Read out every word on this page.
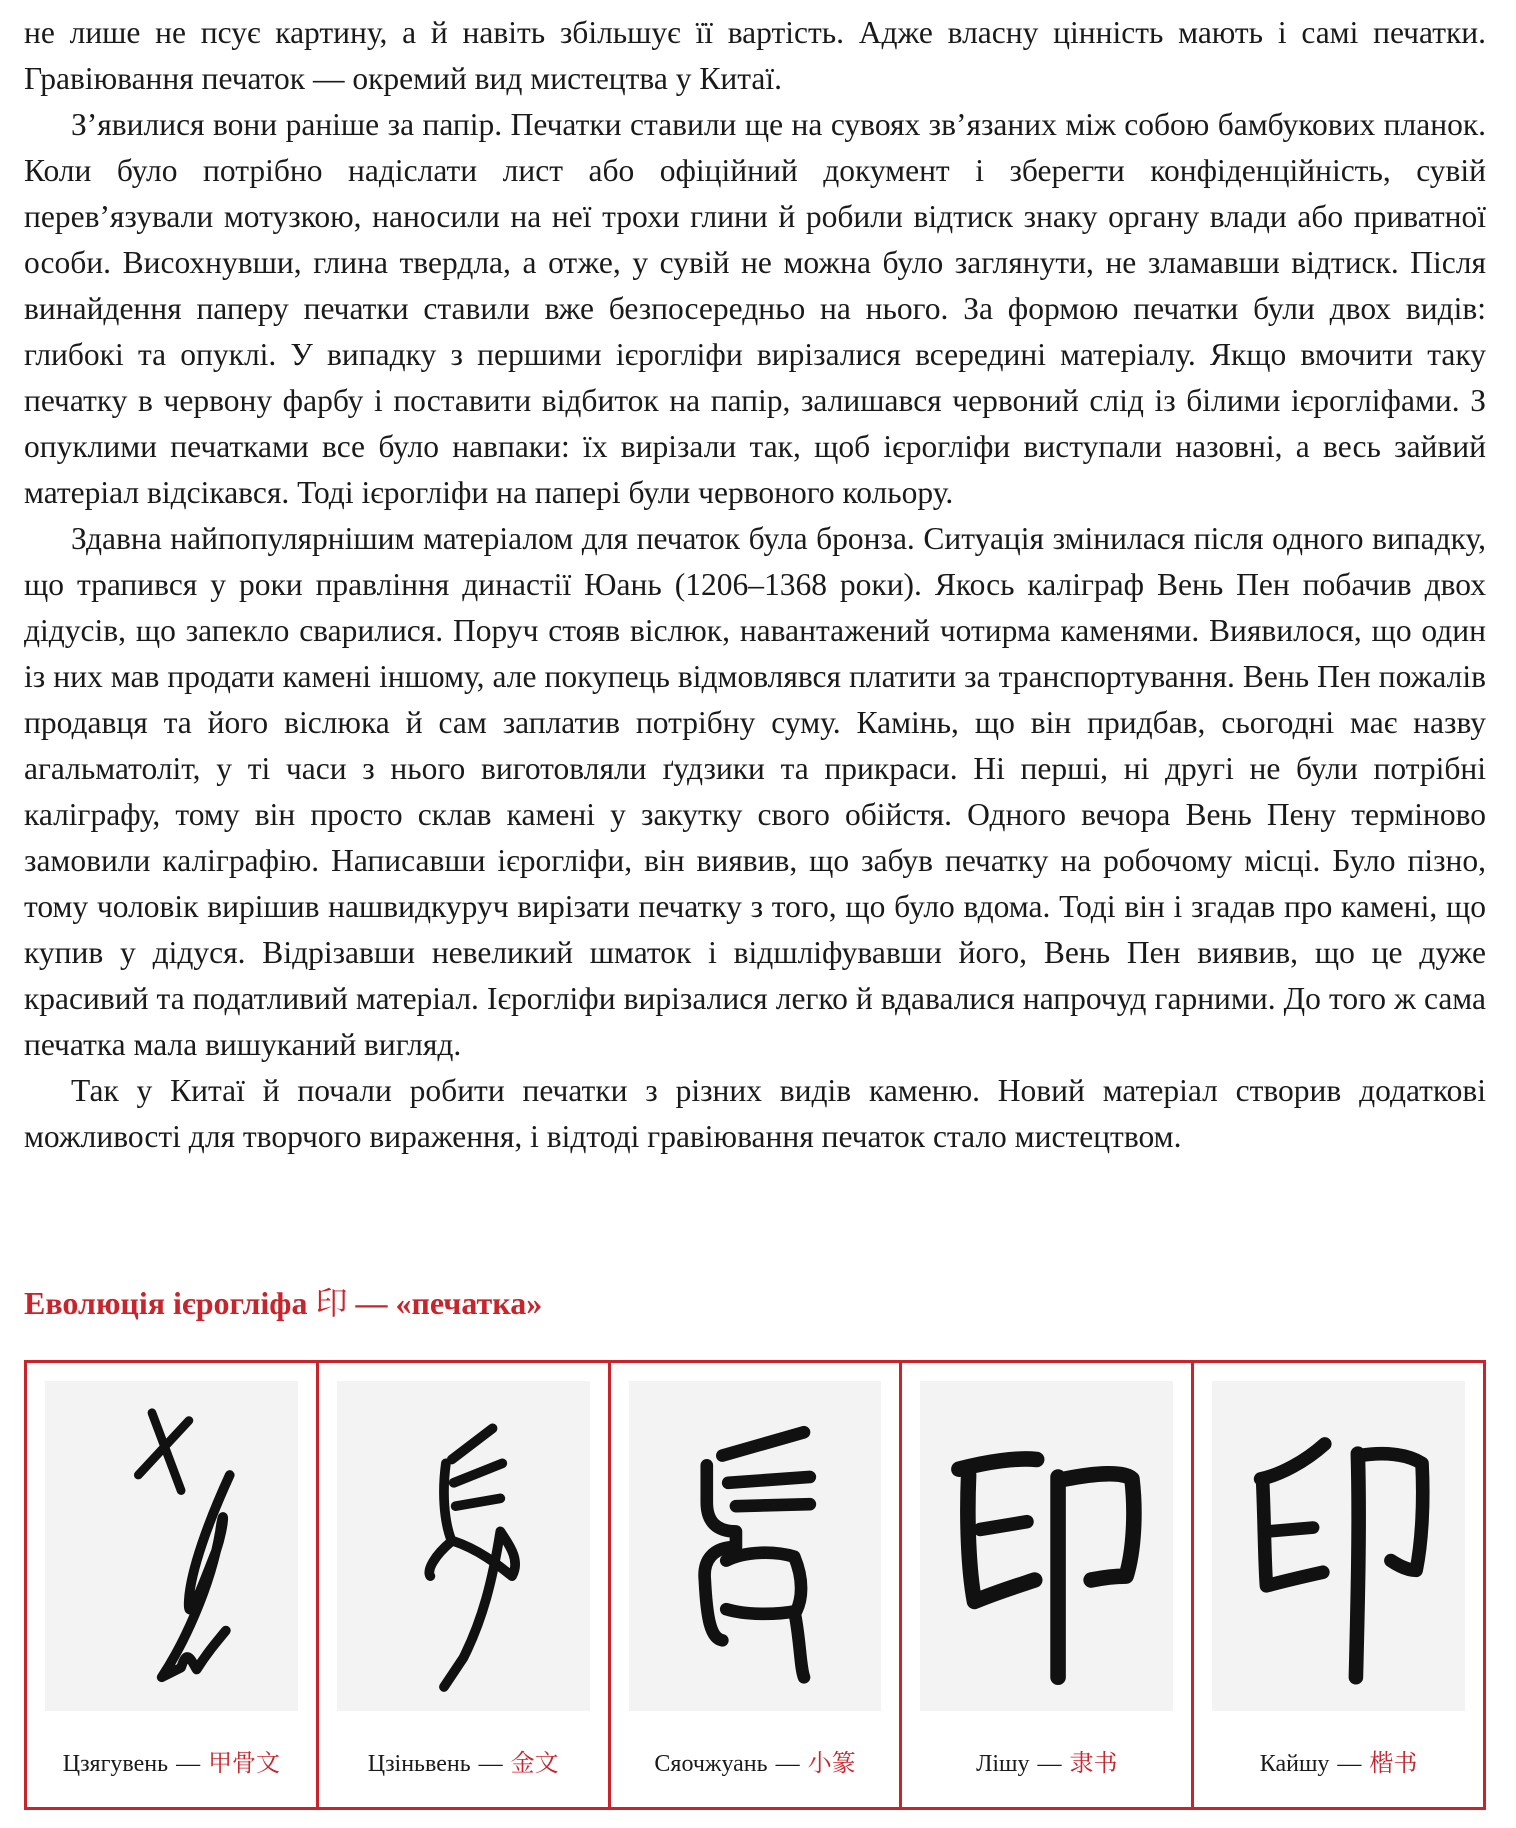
не лише не псує картину, а й навіть збільшує її вартість. Адже власну цінність мають і самі печатки. Гравіювання печаток — окремий вид мистецтва у Китаї.

З’явилися вони раніше за папір. Печатки ставили ще на сувоях зв’язаних між собою бамбукових планок. Коли було потрібно надіслати лист або офіційний документ і зберегти конфіденційність, сувій перев’язували мотузкою, наносили на неї трохи глини й робили відтиск знаку органу влади або приватної особи. Висохнувши, глина твердла, а отже, у сувій не можна було заглянути, не зламавши відтиск. Після винайдення паперу печатки ставили вже безпосередньо на нього. За формою печатки були двох видів: глибокі та опуклі. У випадку з першими ієрогліфи вирізалися всередині матеріалу. Якщо вмочити таку печатку в червону фарбу і поставити відбиток на папір, залишався червоний слід із білими ієрогліфами. З опуклими печатками все було навпаки: їх вирізали так, щоб ієрогліфи виступали назовні, а весь зайвий матеріал відсікався. Тоді ієрогліфи на папері були червоного кольору.

Здавна найпопулярнішим матеріалом для печаток була бронза. Ситуація змінилася після одного випадку, що трапився у роки правління династії Юань (1206–1368 роки). Якось каліграф Вень Пен побачив двох дідусів, що запекло сварилися. Поруч стояв віслюк, навантажений чотирма каменями. Виявилося, що один із них мав продати камені іншому, але покупець відмовлявся платити за транспортування. Вень Пен пожалів продавця та його віслюка й сам заплатив потрібну суму. Камінь, що він придбав, сьогодні має назву агальматоліт, у ті часи з нього виготовляли ґудзики та прикраси. Ні перші, ні другі не були потрібні каліграфу, тому він просто склав камені у закутку свого обійстя. Одного вечора Вень Пену терміново замовили каліграфію. Написавши ієрогліфи, він виявив, що забув печатку на робочому місці. Було пізно, тому чоловік вирішив нашвидкуруч вирізати печатку з того, що було вдома. Тоді він і згадав про камені, що купив у дідуся. Відрізавши невеликий шматок і відшліфувавши його, Вень Пен виявив, що це дуже красивий та податливий матеріал. Ієрогліфи вирізалися легко й вдавалися напрочуд гарними. До того ж сама печатка мала вишуканий вигляд.

Так у Китаї й почали робити печатки з різних видів каменю. Новий матеріал створив додаткові можливості для творчого вираження, і відтоді гравіювання печаток стало мистецтвом.

Еволюція ієрогліфа 印 — «печатка»
Цзягувень — 甲骨文	Цзіньвень — 金文	Сяочжуань — 小篆	Лішу — 隶书	Кайшу — 楷书
